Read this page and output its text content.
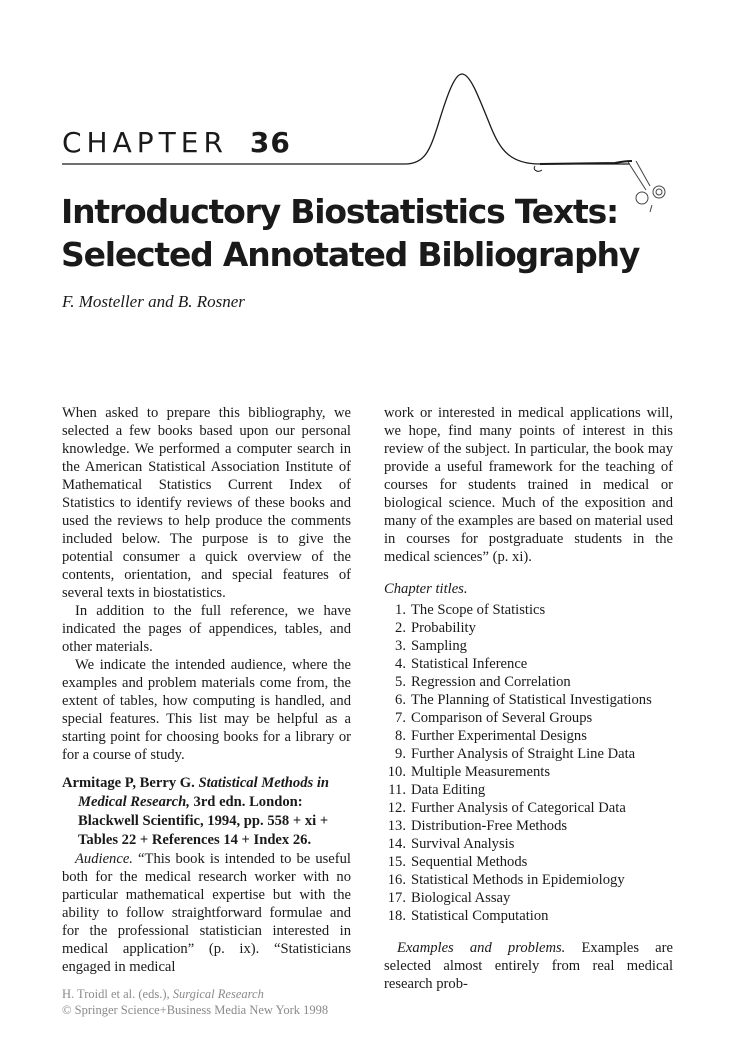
CHAPTER 36
Introductory Biostatistics Texts:
Selected Annotated Bibliography
F. Mosteller and B. Rosner

When asked to prepare this bibliography, we selected a few books based upon our personal knowledge. We performed a computer search in the American Statistical Association Institute of Mathematical Statistics Current Index of Statistics to identify reviews of these books and used the reviews to help produce the comments included below. The purpose is to give the potential consumer a quick overview of the contents, orientation, and special features of several texts in biostatistics.

In addition to the full reference, we have indicated the pages of appendices, tables, and other materials.

We indicate the intended audience, where the examples and problem materials come from, the extent of tables, how computing is handled, and special features. This list may be helpful as a starting point for choosing books for a library or for a course of study.

Armitage P, Berry G. Statistical Methods in Medical Research, 3rd edn. London: Blackwell Scientific, 1994, pp. 558 + xi + Tables 22 + References 14 + Index 26.

Audience. “This book is intended to be useful both for the medical research worker with no particular mathematical expertise but with the ability to follow straightforward formulae and for the professional statistician interested in medical application” (p. ix). “Statisticians engaged in medical

work or interested in medical applications will, we hope, find many points of interest in this review of the subject. In particular, the book may provide a useful framework for the teaching of courses for students trained in medical or biological science. Much of the exposition and many of the examples are based on material used in courses for postgraduate students in the medical sciences” (p. xi).

Chapter titles.

1. The Scope of Statistics
2. Probability
3. Sampling
4. Statistical Inference
5. Regression and Correlation
6. The Planning of Statistical Investigations
7. Comparison of Several Groups
8. Further Experimental Designs
9. Further Analysis of Straight Line Data
10. Multiple Measurements
11. Data Editing
12. Further Analysis of Categorical Data
13. Distribution-Free Methods
14. Survival Analysis
15. Sequential Methods
16. Statistical Methods in Epidemiology
17. Biological Assay
18. Statistical Computation

Examples and problems. Examples are selected almost entirely from real medical research prob-

H. Troidl et al. (eds.), Surgical Research
© Springer Science+Business Media New York 1998
